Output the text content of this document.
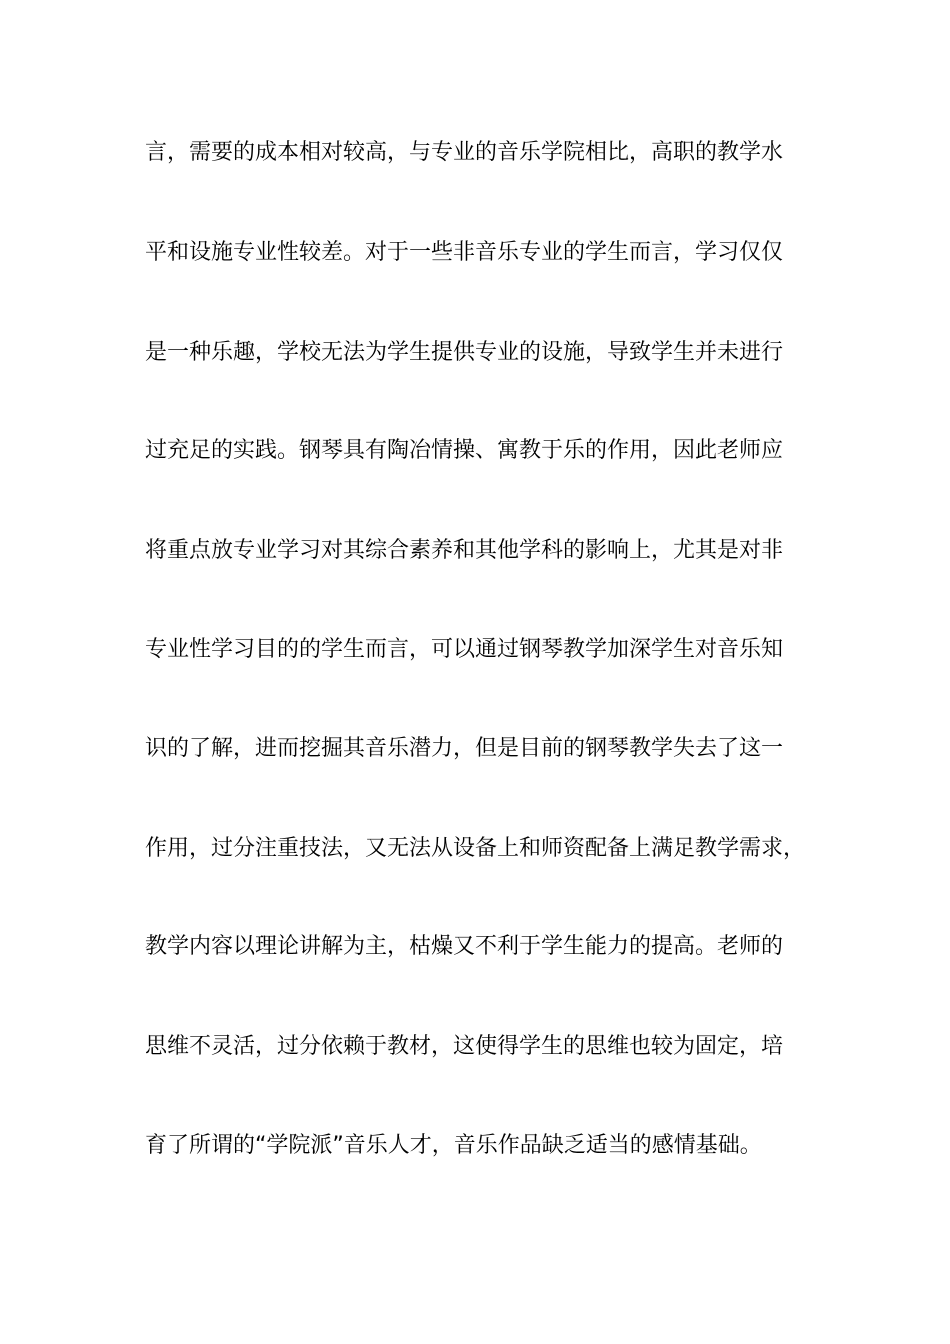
言，需要的成本相对较高，与专业的音乐学院相比，高职的教学水
平和设施专业性较差。对于一些非音乐专业的学生而言，学习仅仅
是一种乐趣，学校无法为学生提供专业的设施，导致学生并未进行
过充足的实践。钢琴具有陶冶情操、寓教于乐的作用，因此老师应
将重点放专业学习对其综合素养和其他学科的影响上，尤其是对非
专业性学习目的的学生而言，可以通过钢琴教学加深学生对音乐知
识的了解，进而挖掘其音乐潜力，但是目前的钢琴教学失去了这一
作用，过分注重技法，又无法从设备上和师资配备上满足教学需求，
教学内容以理论讲解为主，枯燥又不利于学生能力的提高。老师的
思维不灵活，过分依赖于教材，这使得学生的思维也较为固定，培
育了所谓的“学院派”音乐人才，音乐作品缺乏适当的感情基础。
